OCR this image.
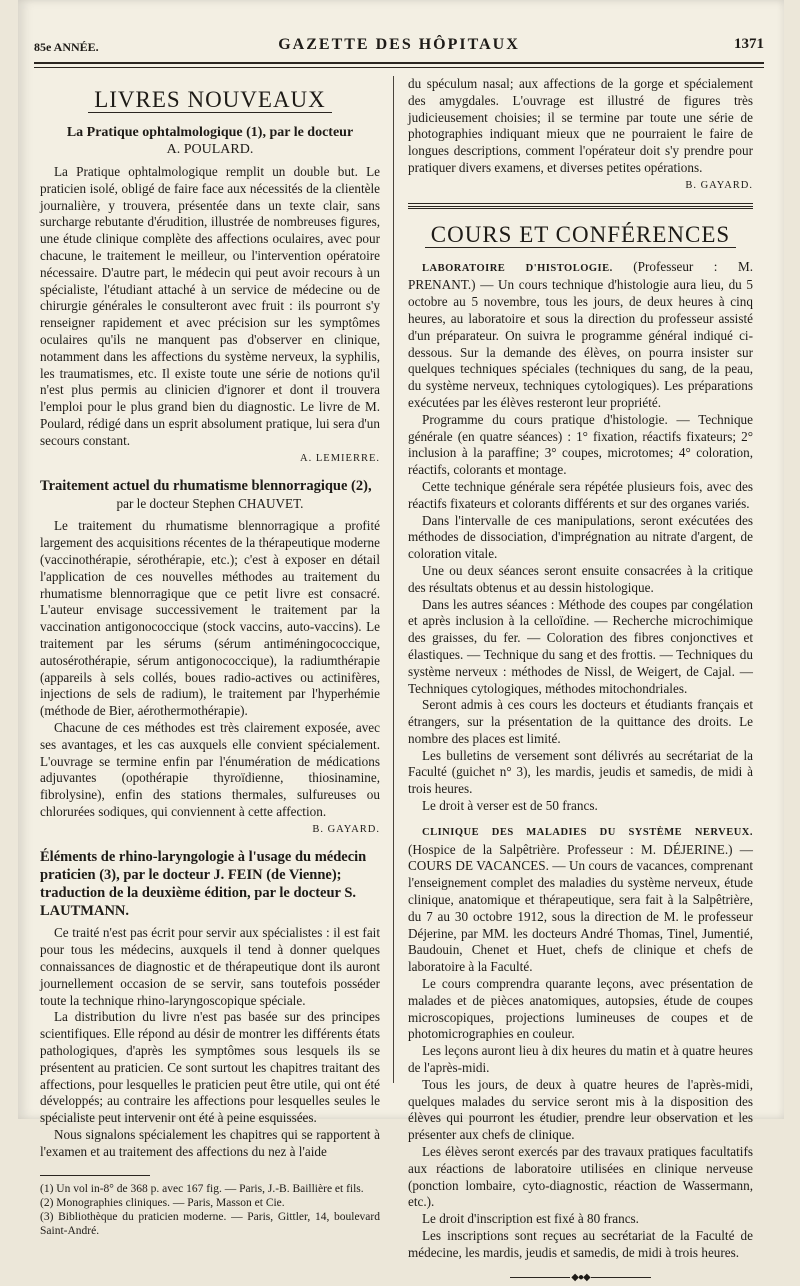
85e ANNÉE.	GAZETTE DES HÔPITAUX	1371
LIVRES NOUVEAUX
La Pratique ophtalmologique (1), par le docteur
A. POULARD.

La Pratique ophtalmologique remplit un double but. Le praticien isolé, obligé de faire face aux nécessités de la clientèle journalière, y trouvera, présentée dans un texte clair, sans surcharge rebutante d'érudition, illustrée de nombreuses figures, une étude clinique complète des affections oculaires, avec pour chacune, le traitement le meilleur, ou l'intervention opératoire nécessaire. D'autre part, le médecin qui peut avoir recours à un spécialiste, l'étudiant attaché à un service de médecine ou de chirurgie générales le consulteront avec fruit : ils pourront s'y renseigner rapidement et avec précision sur les symptômes oculaires qu'ils ne manquent pas d'observer en clinique, notamment dans les affections du système nerveux, la syphilis, les traumatismes, etc. Il existe toute une série de notions qu'il n'est plus permis au clinicien d'ignorer et dont il trouvera l'emploi pour le plus grand bien du diagnostic. Le livre de M. Poulard, rédigé dans un esprit absolument pratique, lui sera d'un secours constant.

A. LEMIERRE.
Traitement actuel du rhumatisme blennorragique (2),
par le docteur Stephen CHAUVET.

Le traitement du rhumatisme blennorragique a profité largement des acquisitions récentes de la thérapeutique moderne (vaccinothérapie, sérothérapie, etc.); c'est à exposer en détail l'application de ces nouvelles méthodes au traitement du rhumatisme blennorragique que ce petit livre est consacré. L'auteur envisage successivement le traitement par la vaccination antigonococcique (stock vaccins, auto-vaccins). Le traitement par les sérums (sérum antiméningococcique, autosérothérapie, sérum antigonococcique), la radiumthérapie (appareils à sels collés, boues radio-actives ou actinifères, injections de sels de radium), le traitement par l'hyperhémie (méthode de Bier, aérothermothérapie).

Chacune de ces méthodes est très clairement exposée, avec ses avantages, et les cas auxquels elle convient spécialement. L'ouvrage se termine enfin par l'énumération de médications adjuvantes (opothérapie thyroïdienne, thiosinamine, fibrolysine), enfin des stations thermales, sulfureuses ou chlorurées sodiques, qui conviennent à cette affection.

B. GAYARD.
Éléments de rhino-laryngologie à l'usage du médecin praticien (3), par le docteur J. FEIN (de Vienne); traduction de la deuxième édition, par le docteur S. LAUTMANN.

Ce traité n'est pas écrit pour servir aux spécialistes : il est fait pour tous les médecins, auxquels il tend à donner quelques connaissances de diagnostic et de thérapeutique dont ils auront journellement occasion de se servir, sans toutefois posséder toute la technique rhino-laryngoscopique spéciale.

La distribution du livre n'est pas basée sur des principes scientifiques. Elle répond au désir de montrer les différents états pathologiques, d'après les symptômes sous lesquels ils se présentent au praticien. Ce sont surtout les chapitres traitant des affections, pour lesquelles le praticien peut être utile, qui ont été développés; au contraire les affections pour lesquelles seules le spécialiste peut intervenir ont été à peine esquissées.

Nous signalons spécialement les chapitres qui se rapportent à l'examen et au traitement des affections du nez à l'aide

(1) Un vol in-8° de 368 p. avec 167 fig. — Paris, J.-B. Baillière et fils.

(2) Monographies cliniques. — Paris, Masson et Cie.

(3) Bibliothèque du praticien moderne. — Paris, Gittler, 14, boulevard Saint-André.

du spéculum nasal; aux affections de la gorge et spécialement des amygdales. L'ouvrage est illustré de figures très judicieusement choisies; il se termine par toute une série de photographies indiquant mieux que ne pourraient le faire de longues descriptions, comment l'opérateur doit s'y prendre pour pratiquer divers examens, et diverses petites opérations.

B. GAYARD.
COURS ET CONFÉRENCES

LABORATOIRE D'HISTOLOGIE. (Professeur : M. PRENANT.) — Un cours technique d'histologie aura lieu, du 5 octobre au 5 novembre, tous les jours, de deux heures à cinq heures, au laboratoire et sous la direction du professeur assisté d'un préparateur. On suivra le programme général indiqué ci-dessous. Sur la demande des élèves, on pourra insister sur quelques techniques spéciales (techniques du sang, de la peau, du système nerveux, techniques cytologiques). Les préparations exécutées par les élèves resteront leur propriété.

Programme du cours pratique d'histologie. — Technique générale (en quatre séances) : 1° fixation, réactifs fixateurs; 2° inclusion à la paraffine; 3° coupes, microtomes; 4° coloration, réactifs, colorants et montage.

Cette technique générale sera répétée plusieurs fois, avec des réactifs fixateurs et colorants différents et sur des organes variés.

Dans l'intervalle de ces manipulations, seront exécutées des méthodes de dissociation, d'imprégnation au nitrate d'argent, de coloration vitale.

Une ou deux séances seront ensuite consacrées à la critique des résultats obtenus et au dessin histologique.

Dans les autres séances : Méthode des coupes par congélation et après inclusion à la celloïdine. — Recherche microchimique des graisses, du fer. — Coloration des fibres conjonctives et élastiques. — Technique du sang et des frottis. — Techniques du système nerveux : méthodes de Nissl, de Weigert, de Cajal. — Techniques cytologiques, méthodes mitochondriales.

Seront admis à ces cours les docteurs et étudiants français et étrangers, sur la présentation de la quittance des droits. Le nombre des places est limité.

Les bulletins de versement sont délivrés au secrétariat de la Faculté (guichet n° 3), les mardis, jeudis et samedis, de midi à trois heures.

Le droit à verser est de 50 francs.

CLINIQUE DES MALADIES DU SYSTÈME NERVEUX. (Hospice de la Salpêtrière. Professeur : M. DÉJERINE.) — COURS DE VACANCES. — Un cours de vacances, comprenant l'enseignement complet des maladies du système nerveux, étude clinique, anatomique et thérapeutique, sera fait à la Salpêtrière, du 7 au 30 octobre 1912, sous la direction de M. le professeur Déjerine, par MM. les docteurs André Thomas, Tinel, Jumentié, Baudouin, Chenet et Huet, chefs de clinique et chefs de laboratoire à la Faculté.

Le cours comprendra quarante leçons, avec présentation de malades et de pièces anatomiques, autopsies, étude de coupes microscopiques, projections lumineuses de coupes et de photomicrographies en couleur.

Les leçons auront lieu à dix heures du matin et à quatre heures de l'après-midi.

Tous les jours, de deux à quatre heures de l'après-midi, quelques malades du service seront mis à la disposition des élèves qui pourront les étudier, prendre leur observation et les présenter aux chefs de clinique.

Les élèves seront exercés par des travaux pratiques facultatifs aux réactions de laboratoire utilisées en clinique nerveuse (ponction lombaire, cyto-diagnostic, réaction de Wassermann, etc.).

Le droit d'inscription est fixé à 80 francs.

Les inscriptions sont reçues au secrétariat de la Faculté de médecine, les mardis, jeudis et samedis, de midi à trois heures.

◆●◆
